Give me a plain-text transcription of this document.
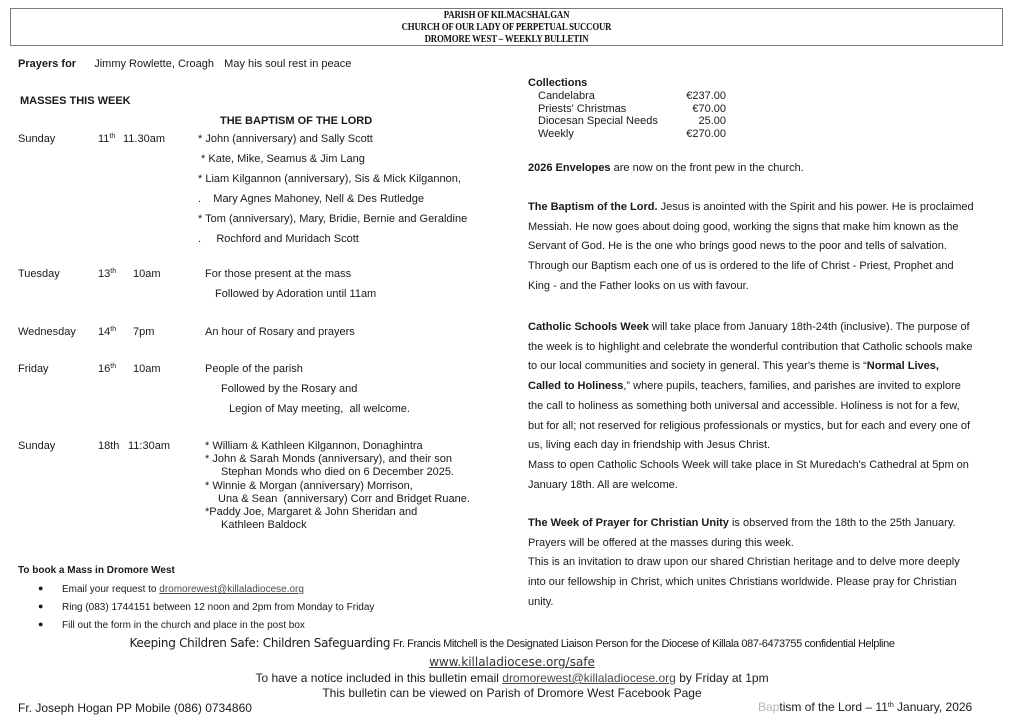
PARISH OF KILMACSHALGAN
CHURCH OF OUR LADY OF PERPETUAL SUCCOUR
DROMORE WEST – WEEKLY BULLETIN
Prayers for Jimmy Rowlette, Croagh May his soul rest in peace
MASSES THIS WEEK
THE BAPTISM OF THE LORD
Sunday	11th 11.30am	* John (anniversary) and Sally Scott
* Kate, Mike, Seamus & Jim Lang
* Liam Kilgannon (anniversary), Sis & Mick Kilgannon,
.    Mary Agnes Mahoney, Nell & Des Rutledge
* Tom (anniversary), Mary, Bridie, Bernie and Geraldine
.     Rochford and Muridach Scott
Tuesday	13th 10am	For those present at the mass
Followed by Adoration until 11am
Wednesday 14th 7pm	An hour of Rosary and prayers
Friday	16th 10am	People of the parish
Followed by the Rosary and
Legion of May meeting,  all welcome.
Sunday	18th 11:30am	* William & Kathleen Kilgannon, Donaghintra
* John & Sarah Monds (anniversary), and their son
Stephan Monds who died on 6 December 2025.
* Winnie & Morgan (anniversary) Morrison,
Una & Sean  (anniversary) Corr and Bridget Ruane.
*Paddy Joe, Margaret & John Sheridan and
Kathleen Baldock
To book a Mass in Dromore West
● Email your request to dromorewest@killaladiocese.org
● Ring (083) 1744151 between 12 noon and 2pm from Monday to Friday
● Fill out the form in the church and place in the post box
Collections
Candelabra	€237.00
Priests' Christmas	€70.00
Diocesan Special Needs	25.00
Weekly	€270.00
2026 Envelopes are now on the front pew in the church.
The Baptism of the Lord. Jesus is anointed with the Spirit and his power. He is proclaimed
Messiah. He now goes about doing good, working the signs that make him known as the
Servant of God. He is the one who brings good news to the poor and tells of salvation.
Through our Baptism each one of us is ordered to the life of Christ - Priest, Prophet and
King - and the Father looks on us with favour.
Catholic Schools Week will take place from January 18th-24th (inclusive). The purpose of
the week is to highlight and celebrate the wonderful contribution that Catholic schools make
to our local communities and society in general. This year's theme is “Normal Lives,
Called to Holiness,” where pupils, teachers, families, and parishes are invited to explore
the call to holiness as something both universal and accessible. Holiness is not for a few,
but for all; not reserved for religious professionals or mystics, but for each and every one of
us, living each day in friendship with Jesus Christ.
Mass to open Catholic Schools Week will take place in St Muredach's Cathedral at 5pm on
January 18th. All are welcome.
The Week of Prayer for Christian Unity is observed from the 18th to the 25th January.
Prayers will be offered at the masses during this week.
This is an invitation to draw upon our shared Christian heritage and to delve more deeply
into our fellowship in Christ, which unites Christians worldwide. Please pray for Christian
unity.
Keeping Children Safe: Children Safeguarding Fr. Francis Mitchell is the Designated Liaison Person for the Diocese of Killala 087-6473755 confidential Helpline
www.killaladiocese.org/safe
To have a notice included in this bulletin email dromorewest@killaladiocese.org by Friday at 1pm
This bulletin can be viewed on Parish of Dromore West Facebook Page
Fr. Joseph Hogan PP Mobile (086) 0734860	Baptism of the Lord – 11th January, 2026
